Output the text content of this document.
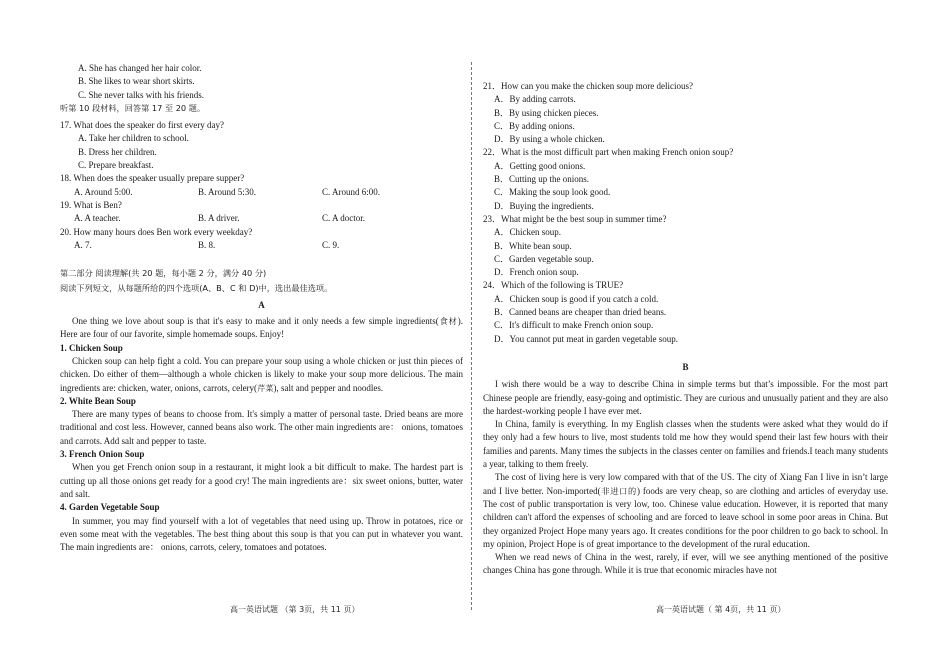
A. She has changed her hair color.
B. She likes to wear short skirts.
C. She never talks with his friends.
听第 10 段材料，回答第 17 至 20 题。
17. What does the speaker do first every day?
A. Take her children to school.
B. Dress her children.
C. Prepare breakfast.
18. When does the speaker usually prepare supper?
A. Around 5:00.	B. Around 5:30.	C. Around 6:00.
19. What is Ben?
A. A teacher.	B. A driver.	C. A doctor.
20. How many hours does Ben work every weekday?
A. 7.	B. 8.	C. 9.
第二部分 阅读理解(共 20 题，每小题 2 分，满分 40 分)
阅读下列短文，从每题所给的四个选项(A、B、C 和 D)中，选出最佳选项。
A

One thing we love about soup is that it's easy to make and it only needs a few simple ingredients(食材). Here are four of our favorite, simple homemade soups. Enjoy!

1. Chicken Soup

Chicken soup can help fight a cold. You can prepare your soup using a whole chicken or just thin pieces of chicken. Do either of them—although a whole chicken is likely to make your soup more delicious. The main ingredients are: chicken, water, onions, carrots, celery(芹菜), salt and pepper and noodles.

2. White Bean Soup

There are many types of beans to choose from. It's simply a matter of personal taste. Dried beans are more traditional and cost less. However, canned beans also work. The other main ingredients are： onions, tomatoes and carrots. Add salt and pepper to taste.

3. French Onion Soup

When you get French onion soup in a restaurant, it might look a bit difficult to make. The hardest part is cutting up all those onions get ready for a good cry! The main ingredients are：six sweet onions, butter, water and salt.

4. Garden Vegetable Soup

In summer, you may find yourself with a lot of vegetables that need using up. Throw in potatoes, rice or even some meat with the vegetables. The best thing about this soup is that you can put in whatever you want. The main ingredients are： onions, carrots, celery, tomatoes and potatoes.

高一英语试题 （第 3页，共 11 页）
21．How can you make the chicken soup more delicious?
A．By adding carrots.
B．By using chicken pieces.
C．By adding onions.
D．By using a whole chicken.
22．What is the most difficult part when making French onion soup?
A．Getting good onions.
B．Cutting up the onions.
C．Making the soup look good.
D．Buying the ingredients.
23．What might be the best soup in summer time?
A．Chicken soup.
B．White bean soup.
C．Garden vegetable soup.
D．French onion soup.
24．Which of the following is TRUE?
A．Chicken soup is good if you catch a cold.
B．Canned beans are cheaper than dried beans.
C．It's difficult to make French onion soup.
D．You cannot put meat in garden vegetable soup.
B

I wish there would be a way to describe China in simple terms but that’s impossible. For the most part Chinese people are friendly, easy-going and optimistic. They are curious and unusually patient and they are also the hardest-working people I have ever met.

In China, family is everything. In my English classes when the students were asked what they would do if they only had a few hours to live, most students told me how they would spend their last few hours with their families and parents. Many times the subjects in the classes center on families and friends.I teach many students a year, talking to them freely.

The cost of living here is very low compared with that of the US. The city of Xiang Fan I live in isn’t large and I live better. Non-imported(非进口的) foods are very cheap, so are clothing and articles of everyday use. The cost of public transportation is very low, too. Chinese value education. However, it is reported that many children can't afford the expenses of schooling and are forced to leave school in some poor areas in China. But they organized Project Hope many years ago. It creates conditions for the poor children to go back to school. In my opinion, Project Hope is of great importance to the development of the rural education.

When we read news of China in the west, rarely, if ever, will we see anything mentioned of the positive changes China has gone through. While it is true that economic miracles have not

高一英语试题（ 第 4页，共 11 页）
